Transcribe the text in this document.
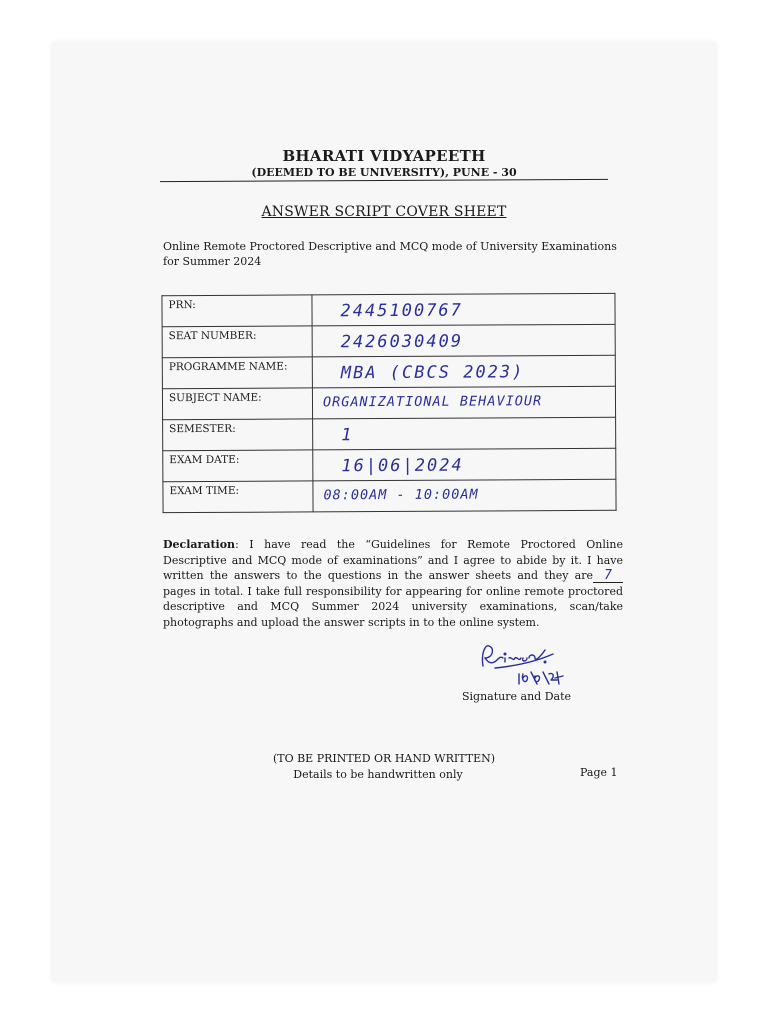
BHARATI VIDYAPEETH
(DEEMED TO BE UNIVERSITY), PUNE - 30
ANSWER SCRIPT COVER SHEET
Online Remote Proctored Descriptive and MCQ mode of University Examinations for Summer 2024
PRN:	2445100767
SEAT NUMBER:	2426030409
PROGRAMME NAME:	MBA (CBCS 2023)
SUBJECT NAME:	ORGANIZATIONAL BEHAVIOUR
SEMESTER:	1
EXAM DATE:	16|06|2024
EXAM TIME:	08:00AM - 10:00AM
Declaration: I have read the “Guidelines for Remote Proctored Online Descriptive and MCQ mode of examinations” and I agree to abide by it. I have written the answers to the questions in the answer sheets and they are 7 pages in total. I take full responsibility for appearing for online remote proctored descriptive and MCQ Summer 2024 university examinations, scan/take photographs and upload the answer scripts in to the online system.
Signature and Date
(TO BE PRINTED OR HAND WRITTEN)
Details to be handwritten only	Page 1
